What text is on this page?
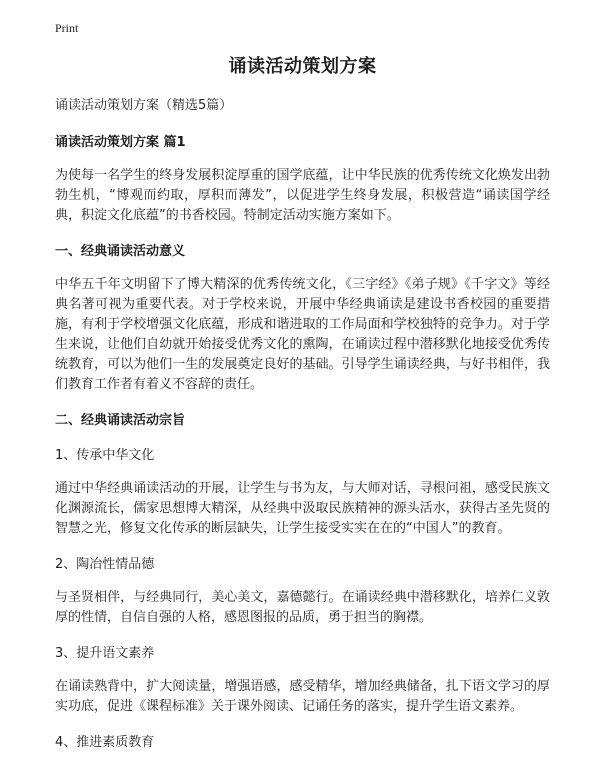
Print
诵读活动策划方案
诵读活动策划方案（精选5篇）
诵读活动策划方案 篇1

为使每一名学生的终身发展积淀厚重的国学底蕴，让中华民族的优秀传统文化焕发出勃勃生机，“博观而约取，厚积而薄发”，以促进学生终身发展，积极营造“诵读国学经典，积淀文化底蕴”的书香校园。特制定活动实施方案如下。

一、经典诵读活动意义

中华五千年文明留下了博大精深的优秀传统文化，《三字经》《弟子规》《千字文》等经典名著可视为重要代表。对于学校来说，开展中华经典诵读是建设书香校园的重要措施，有利于学校增强文化底蕴，形成和谐进取的工作局面和学校独特的竞争力。对于学生来说，让他们自幼就开始接受优秀文化的熏陶，在诵读过程中潜移默化地接受优秀传统教育，可以为他们一生的发展奠定良好的基础。引导学生诵读经典，与好书相伴，我们教育工作者有着义不容辞的责任。

二、经典诵读活动宗旨
1、传承中华文化

通过中华经典诵读活动的开展，让学生与书为友，与大师对话，寻根问祖，感受民族文化渊源流长，儒家思想博大精深，从经典中汲取民族精神的源头活水，获得古圣先贤的智慧之光，修复文化传承的断层缺失，让学生接受实实在在的“中国人”的教育。

2、陶冶性情品德

与圣贤相伴，与经典同行，美心美文，嘉德懿行。在诵读经典中潜移默化，培养仁义敦厚的性情，自信自强的人格，感恩图报的品质，勇于担当的胸襟。

3、提升语文素养

在诵读熟背中，扩大阅读量，增强语感，感受精华，增加经典储备，扎下语文学习的厚实功底，促进《课程标准》关于课外阅读、记诵任务的落实，提升学生语文素养。

4、推进素质教育
